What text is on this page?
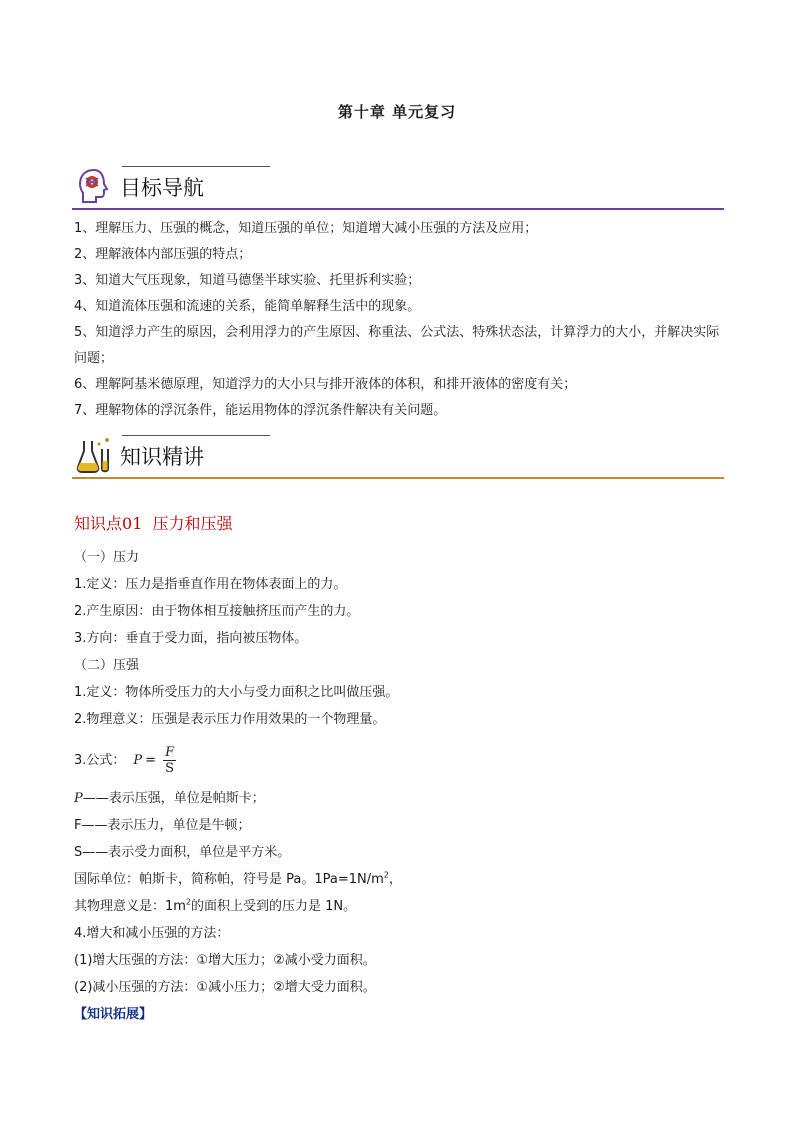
第十章 单元复习
目标导航

1、理解压力、压强的概念，知道压强的单位；知道增大减小压强的方法及应用；

2、理解液体内部压强的特点；

3、知道大气压现象，知道马德堡半球实验、托里拆利实验；

4、知道流体压强和流速的关系，能简单解释生活中的现象。

5、知道浮力产生的原因，会利用浮力的产生原因、称重法、公式法、特殊状态法，计算浮力的大小，并解决实际问题；

6、理解阿基米德原理，知道浮力的大小只与排开液体的体积，和排开液体的密度有关；

7、理解物体的浮沉条件，能运用物体的浮沉条件解决有关问题。

知识精讲
知识点01 压力和压强

（一）压力

1.定义：压力是指垂直作用在物体表面上的力。

2.产生原因：由于物体相互接触挤压而产生的力。

3.方向：垂直于受力面，指向被压物体。

（二）压强

1.定义：物体所受压力的大小与受力面积之比叫做压强。

2.物理意义：压强是表示压力作用效果的一个物理量。

3.公式： $P = \frac{F}{S}$

P——表示压强，单位是帕斯卡；

F——表示压力，单位是牛顿；

S——表示受力面积，单位是平方米。

国际单位：帕斯卡，简称帕，符号是 Pa。$1Pa=1N/m^2$，

其物理意义是：$1m^2$的面积上受到的压力是 1N。

4.增大和减小压强的方法：

(1)增大压强的方法：①增大压力；②减小受力面积。

(2)减小压强的方法：①减小压力；②增大受力面积。

【知识拓展】
